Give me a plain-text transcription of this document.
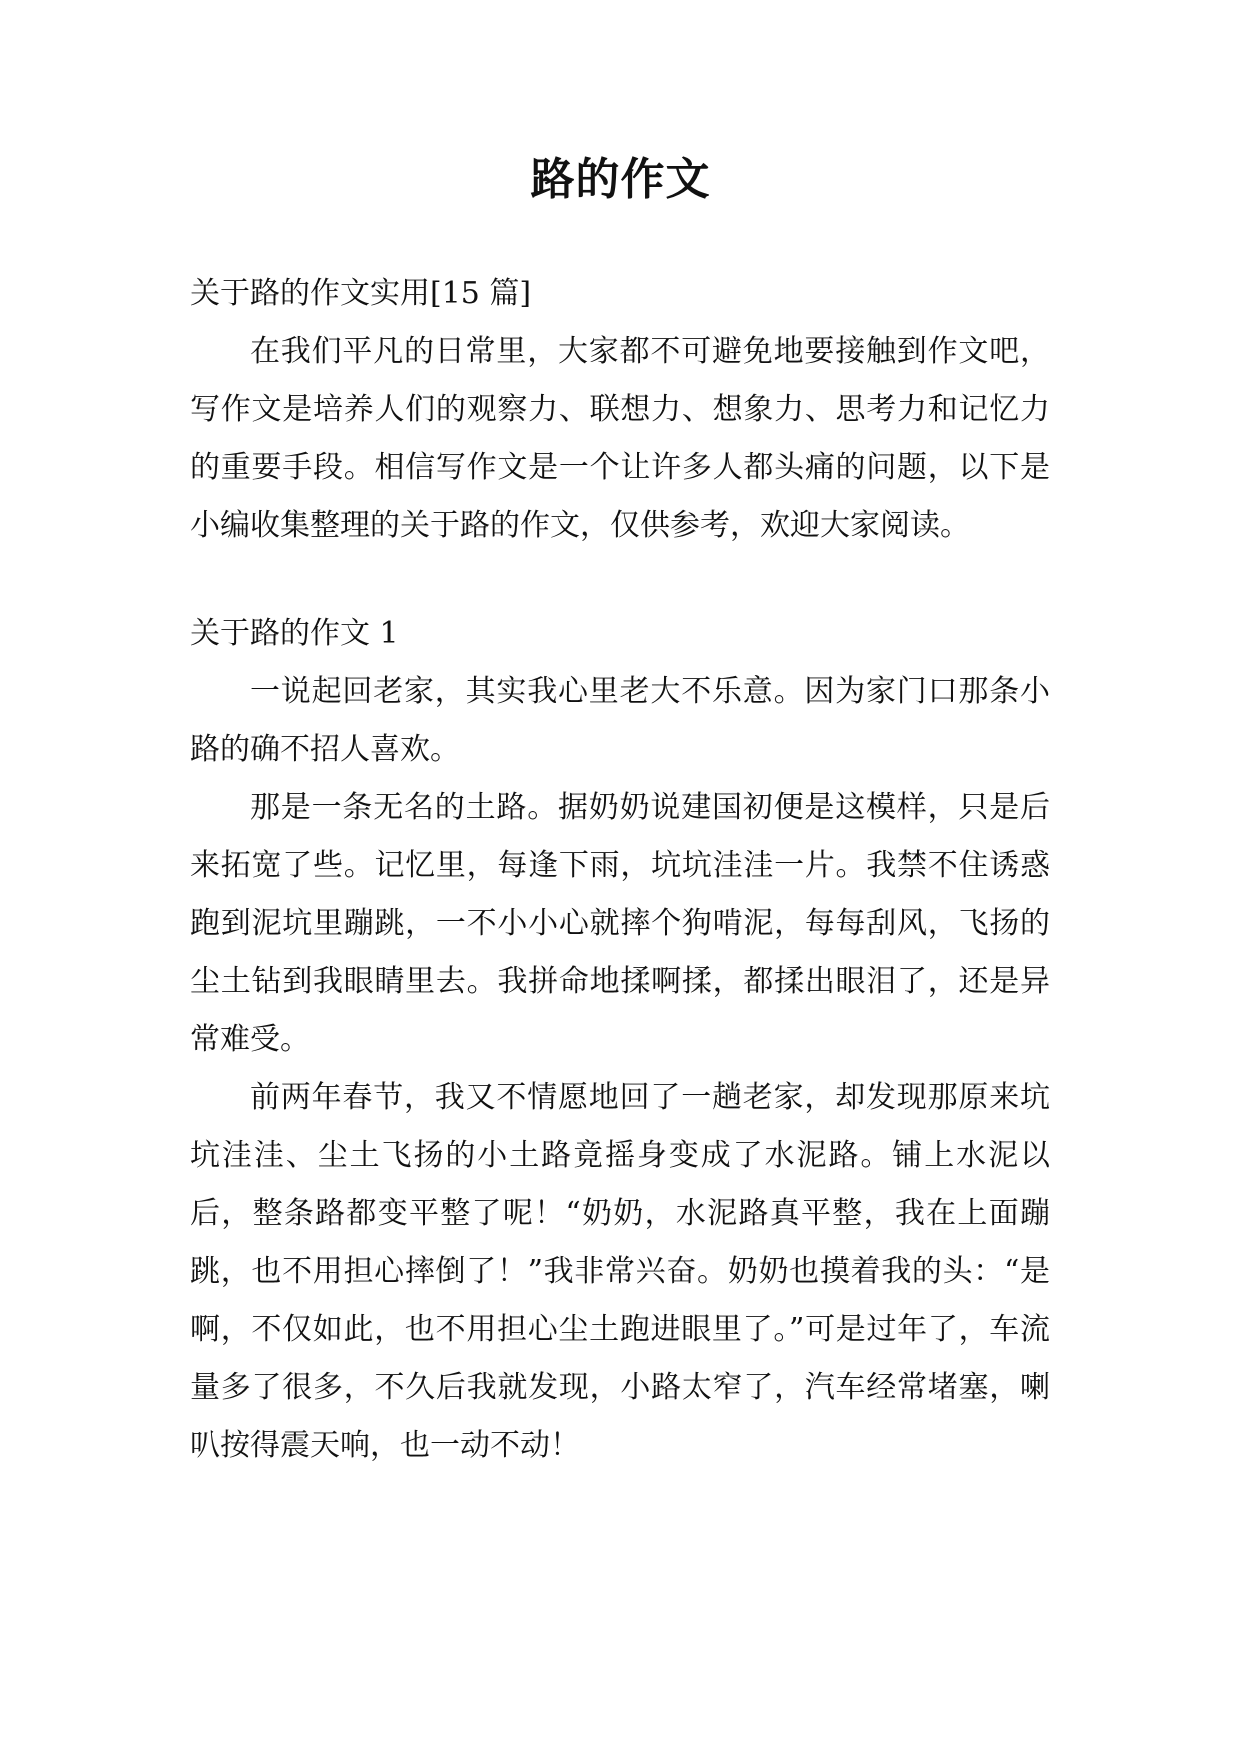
路的作文

关于路的作文实用[15 篇]

在我们平凡的日常里，大家都不可避免地要接触到作文吧，写作文是培养人们的观察力、联想力、想象力、思考力和记忆力的重要手段。相信写作文是一个让许多人都头痛的问题，以下是小编收集整理的关于路的作文，仅供参考，欢迎大家阅读。

关于路的作文 1

一说起回老家，其实我心里老大不乐意。因为家门口那条小路的确不招人喜欢。

那是一条无名的土路。据奶奶说建国初便是这模样，只是后来拓宽了些。记忆里，每逢下雨，坑坑洼洼一片。我禁不住诱惑跑到泥坑里蹦跳，一不小小心就摔个狗啃泥，每每刮风，飞扬的尘土钻到我眼睛里去。我拼命地揉啊揉，都揉出眼泪了，还是异常难受。

前两年春节，我又不情愿地回了一趟老家，却发现那原来坑坑洼洼、尘土飞扬的小土路竟摇身变成了水泥路。铺上水泥以后，整条路都变平整了呢！“奶奶，水泥路真平整，我在上面蹦跳，也不用担心摔倒了！”我非常兴奋。奶奶也摸着我的头：“是啊，不仅如此，也不用担心尘土跑进眼里了。”可是过年了，车流量多了很多，不久后我就发现，小路太窄了，汽车经常堵塞，喇叭按得震天响，也一动不动！
